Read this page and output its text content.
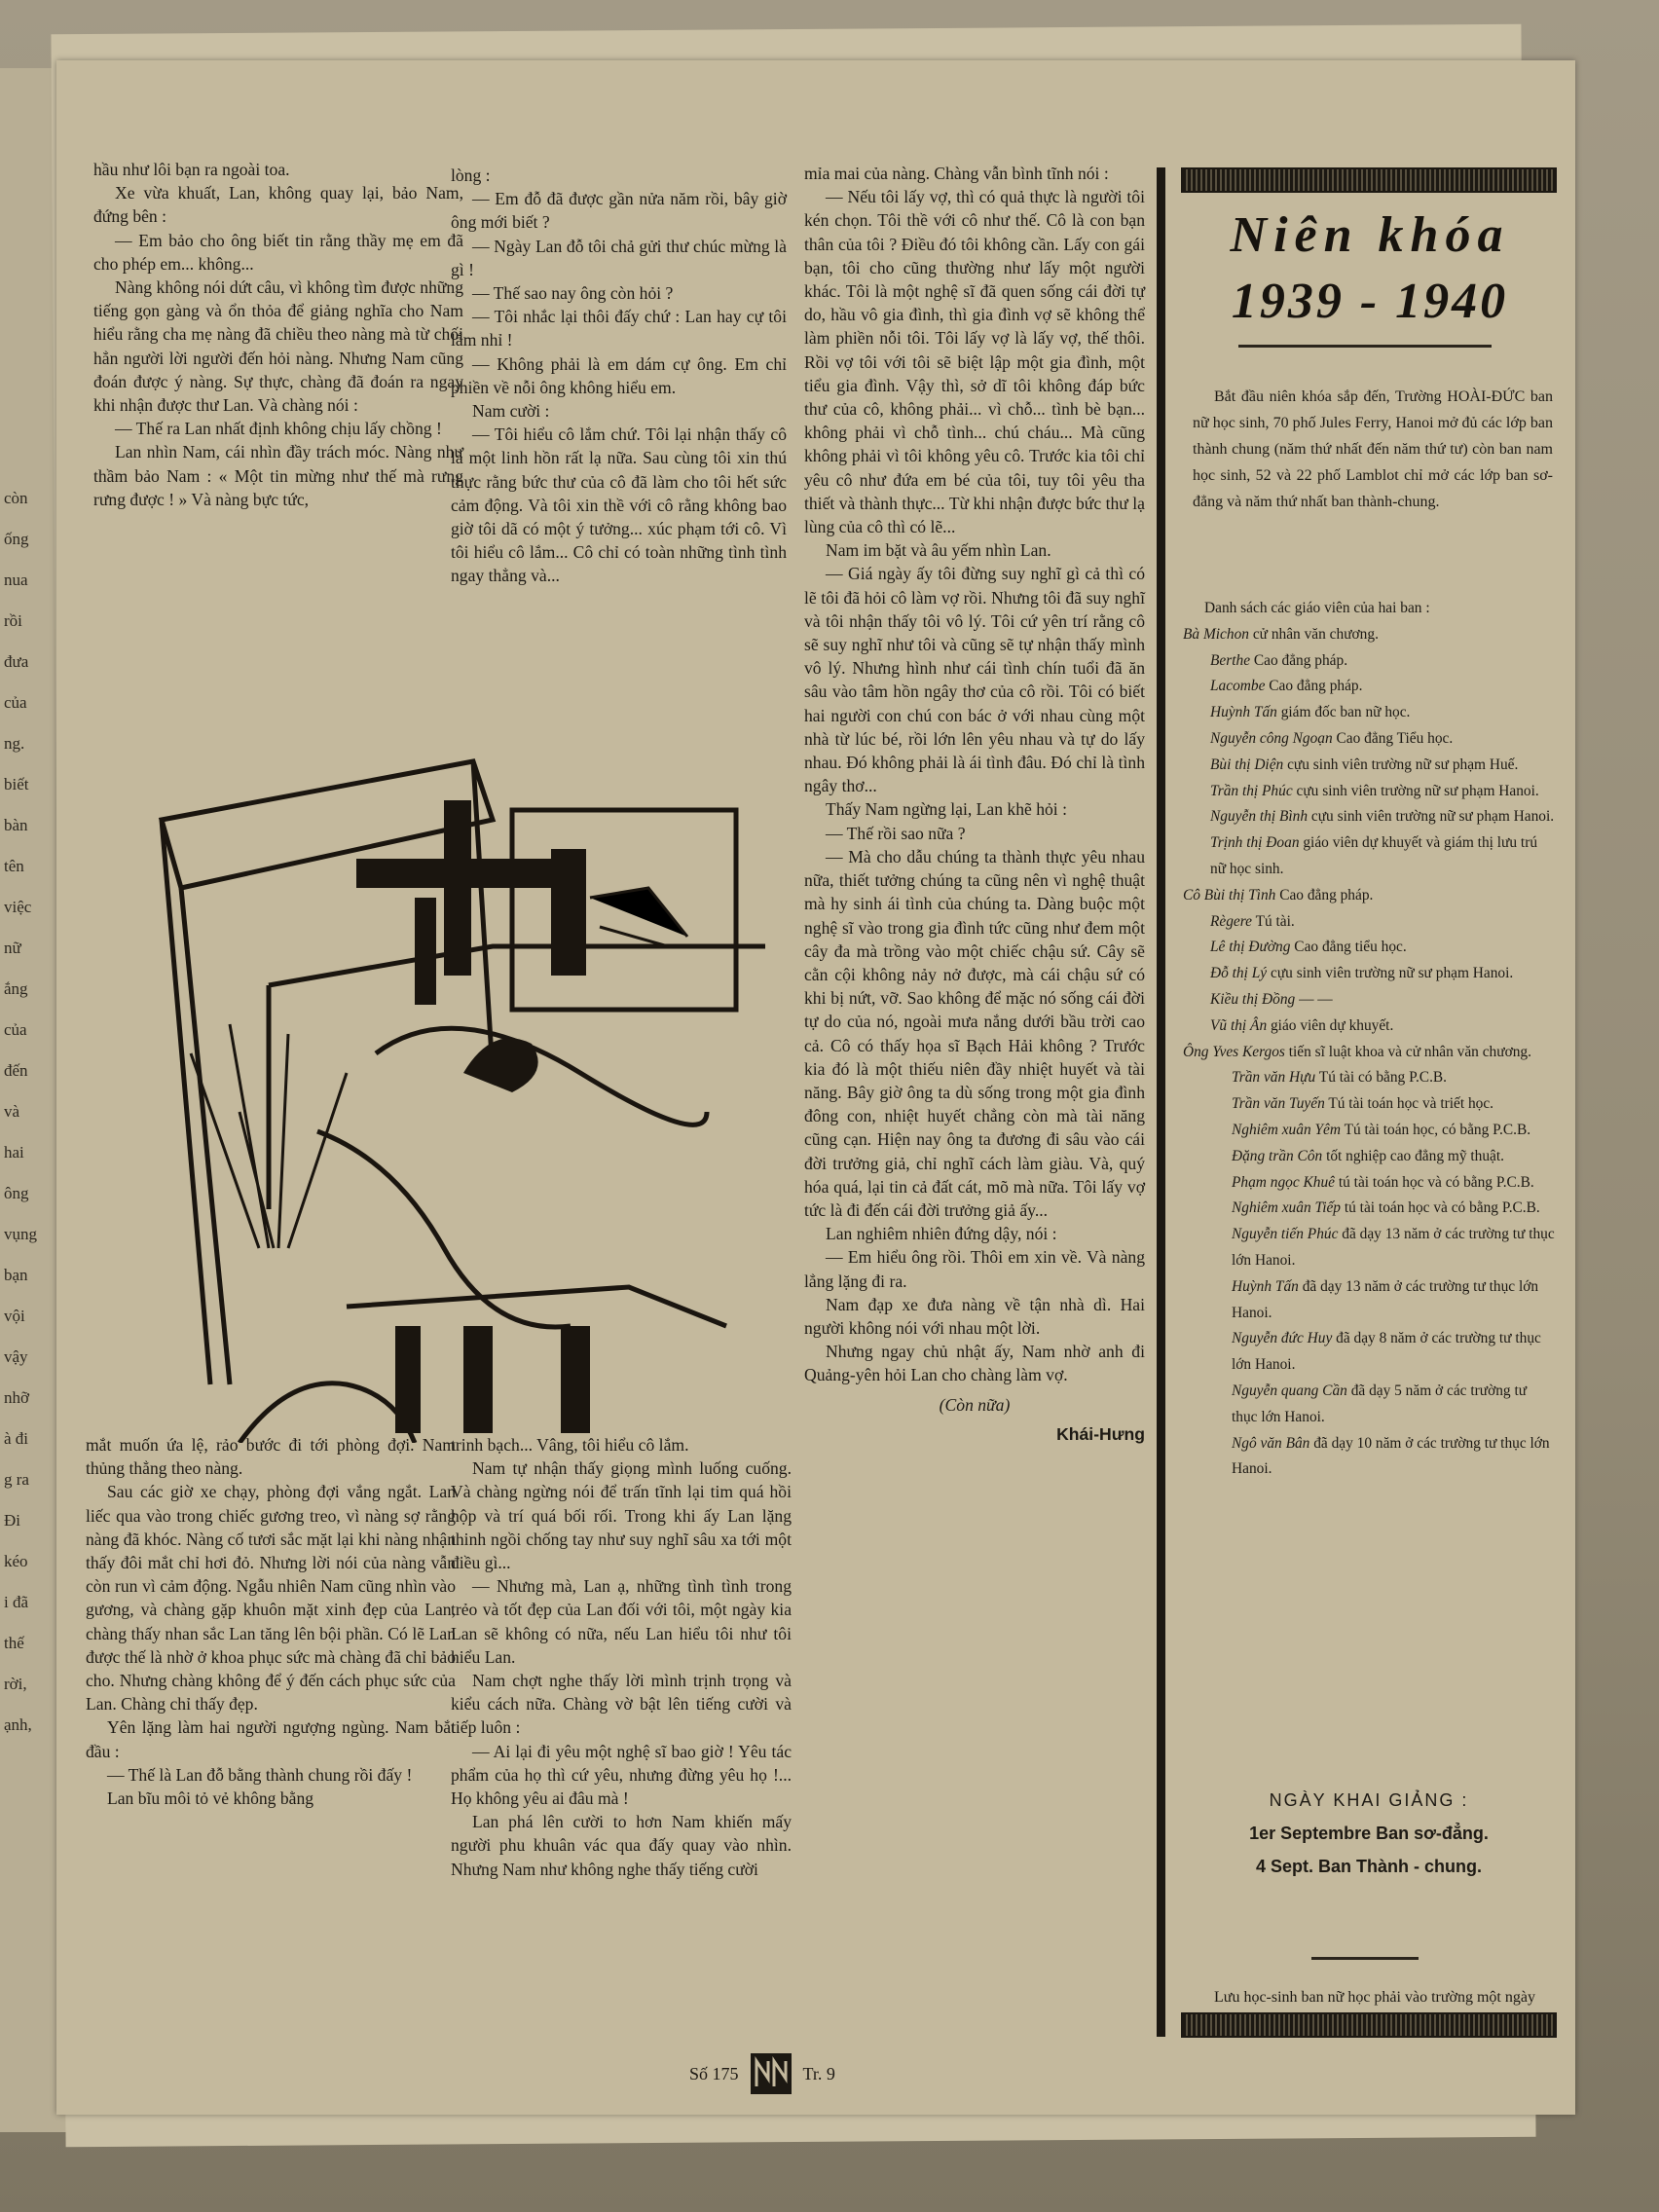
còn
ống
nua
rồi
đưa
của
ng.
biết
bàn
tên
việc
nữ
ắng
của
đến
và
hai
ông
vụng
bạn
vội
vậy
nhỡ
à đi
g ra
Đi
kéo
i đã
thế
rời,
ạnh,

hầu như lôi bạn ra ngoài toa.

Xe vừa khuất, Lan, không quay lại, bảo Nam, đứng bên :

— Em bảo cho ông biết tin rằng thầy mẹ em đã cho phép em... không...

Nàng không nói dứt câu, vì không tìm được những tiếng gọn gàng và ổn thỏa để giảng nghĩa cho Nam hiểu rằng cha mẹ nàng đã chiều theo nàng mà từ chối hẳn người lời người đến hỏi nàng. Nhưng Nam cũng đoán được ý nàng. Sự thực, chàng đã đoán ra ngay khi nhận được thư Lan. Và chàng nói :

— Thế ra Lan nhất định không chịu lấy chồng !

Lan nhìn Nam, cái nhìn đầy trách móc. Nàng như thầm bảo Nam : « Một tin mừng như thế mà rưng rưng được ! » Và nàng bực tức,

lòng :

— Em đỗ đã được gần nửa năm rồi, bây giờ ông mới biết ?

— Ngày Lan đỗ tôi chả gửi thư chúc mừng là gì !

— Thế sao nay ông còn hỏi ?

— Tôi nhắc lại thôi đấy chứ : Lan hay cự tôi lắm nhỉ !

— Không phải là em dám cự ông. Em chỉ phiền về nỗi ông không hiểu em.

Nam cười :

— Tôi hiểu cô lắm chứ. Tôi lại nhận thấy cô là một linh hồn rất lạ nữa. Sau cùng tôi xin thú thực rằng bức thư của cô đã làm cho tôi hết sức cảm động. Và tôi xin thề với cô rằng không bao giờ tôi dã có một ý tưởng... xúc phạm tới cô. Vì tôi hiểu cô lắm... Cô chỉ có toàn những tình tình ngay thẳng và...

mỉa mai của nàng. Chàng vẫn bình tĩnh nói :

— Nếu tôi lấy vợ, thì có quả thực là người tôi kén chọn. Tôi thề với cô như thế. Cô là con bạn thân của tôi ? Điều đó tôi không cần. Lấy con gái bạn, tôi cho cũng thường như lấy một người khác. Tôi là một nghệ sĩ đã quen sống cái đời tự do, hầu vô gia đình, thì gia đình vợ sẽ không thể làm phiền nỗi tôi. Tôi lấy vợ là lấy vợ, thế thôi. Rồi vợ tôi với tôi sẽ biệt lập một gia đình, một tiểu gia đình. Vậy thì, sở dĩ tôi không đáp bức thư của cô, không phải... vì chỗ... tình bè bạn... không phải vì chỗ tình... chú cháu... Mà cũng không phải vì tôi không yêu cô. Trước kia tôi chỉ yêu cô như đứa em bé của tôi, tuy tôi yêu tha thiết và thành thực... Từ khi nhận được bức thư lạ lùng của cô thì có lẽ...

Nam im bặt và âu yếm nhìn Lan.

— Giá ngày ấy tôi đừng suy nghĩ gì cả thì có lẽ tôi đã hỏi cô làm vợ rồi. Nhưng tôi đã suy nghĩ và tôi nhận thấy tôi vô lý. Tôi cứ yên trí rằng cô sẽ suy nghĩ như tôi và cũng sẽ tự nhận thấy mình vô lý. Nhưng hình như cái tình chín tuổi đã ăn sâu vào tâm hồn ngây thơ của cô rồi. Tôi có biết hai người con chú con bác ở với nhau cùng một nhà từ lúc bé, rồi lớn lên yêu nhau và tự do lấy nhau. Đó không phải là ái tình đâu. Đó chỉ là tình ngây thơ...

Thấy Nam ngừng lại, Lan khẽ hỏi :

— Thế rồi sao nữa ?

— Mà cho dẫu chúng ta thành thực yêu nhau nữa, thiết tưởng chúng ta cũng nên vì nghệ thuật mà hy sinh ái tình của chúng ta. Dàng buộc một nghệ sĩ vào trong gia đình tức cũng như đem một cây đa mà trồng vào một chiếc chậu sứ. Cây sẽ cằn cội không nảy nở được, mà cái chậu sứ có khi bị nứt, vỡ. Sao không để mặc nó sống cái đời tự do của nó, ngoài mưa nắng dưới bầu trời cao cả. Cô có thấy họa sĩ Bạch Hải không ? Trước kia đó là một thiếu niên đầy nhiệt huyết và tài năng. Bây giờ ông ta dù sống trong một gia đình đông con, nhiệt huyết chẳng còn mà tài năng cũng cạn. Hiện nay ông ta đương đi sâu vào cái đời trưởng giả, chỉ nghĩ cách làm giàu. Và, quý hóa quá, lại tin cả đất cát, mõ mà nữa. Tôi lấy vợ tức là đi đến cái đời trưởng giả ấy...

Lan nghiêm nhiên đứng dậy, nói :

— Em hiểu ông rồi. Thôi em xin về. Và nàng lẳng lặng đi ra.

Nam đạp xe đưa nàng về tận nhà dì. Hai người không nói với nhau một lời.

Nhưng ngay chủ nhật ấy, Nam nhờ anh đi Quảng-yên hỏi Lan cho chàng làm vợ.

(Còn nữa)
Khái-Hưng

mắt muốn ứa lệ, rảo bước đi tới phòng đợi. Nam thủng thẳng theo nàng.

Sau các giờ xe chạy, phòng đợi vắng ngắt. Lan liếc qua vào trong chiếc gương treo, vì nàng sợ rằng nàng đã khóc. Nàng cố tươi sắc mặt lại khi nàng nhận thấy đôi mắt chỉ hơi đỏ. Nhưng lời nói của nàng vẫn còn run vì cảm động. Ngẫu nhiên Nam cũng nhìn vào gương, và chàng gặp khuôn mặt xinh đẹp của Lan, chàng thấy nhan sắc Lan tăng lên bội phần. Có lẽ Lan được thế là nhờ ở khoa phục sức mà chàng đã chỉ bảo cho. Nhưng chàng không để ý đến cách phục sức của Lan. Chàng chỉ thấy đẹp.

Yên lặng làm hai người ngượng ngùng. Nam bắt đầu :

— Thế là Lan đỗ bằng thành chung rồi đấy !

Lan bĩu môi tỏ vẻ không bằng

trinh bạch... Vâng, tôi hiểu cô lắm.

Nam tự nhận thấy giọng mình luống cuống. Và chàng ngừng nói để trấn tĩnh lại tim quá hồi hộp và trí quá bối rối. Trong khi ấy Lan lặng thinh ngồi chống tay như suy nghĩ sâu xa tới một điều gì...

— Nhưng mà, Lan ạ, những tình tình trong trẻo và tốt đẹp của Lan đối với tôi, một ngày kia Lan sẽ không có nữa, nếu Lan hiểu tôi như tôi hiểu Lan.

Nam chợt nghe thấy lời mình trịnh trọng và kiểu cách nữa. Chàng vờ bật lên tiếng cười và tiếp luôn :

— Ai lại đi yêu một nghệ sĩ bao giờ ! Yêu tác phẩm của họ thì cứ yêu, nhưng đừng yêu họ !... Họ không yêu ai đâu mà !

Lan phá lên cười to hơn Nam khiến mấy người phu khuân vác qua đấy quay vào nhìn. Nhưng Nam như không nghe thấy tiếng cười

Niên khóa
1939 - 1940
Bắt đầu niên khóa sắp đến, Trường HOÀI-ĐỨC ban nữ học sinh, 70 phố Jules Ferry, Hanoi mở đủ các lớp ban thành chung (năm thứ nhất đến năm thứ tư) còn ban nam học sinh, 52 và 22 phố Lamblot chỉ mở các lớp ban sơ-đẳng và năm thứ nhất ban thành-chung.
Danh sách các giáo viên của hai ban :
Bà Michon cử nhân văn chương.
Berthe Cao đẳng pháp.
Lacombe Cao đẳng pháp.
Huỳnh Tấn giám đốc ban nữ học.
Nguyễn công Ngoạn Cao đẳng Tiểu học.
Bùi thị Diện cựu sinh viên trường nữ sư phạm Huế.
Trần thị Phúc cựu sinh viên trường nữ sư phạm Hanoi.
Nguyễn thị Bình cựu sinh viên trường nữ sư phạm Hanoi.
Trịnh thị Đoan giáo viên dự khuyết và giám thị lưu trú nữ học sinh.
Cô Bùi thị Tình Cao đẳng pháp.
Règere Tú tài.
Lê thị Đường Cao đẳng tiểu học.
Đỗ thị Lý cựu sinh viên trường nữ sư phạm Hanoi.
Kiều thị Đồng — —
Vũ thị Ân giáo viên dự khuyết.
Ông Yves Kergos tiến sĩ luật khoa và cử nhân văn chương.
Trần văn Hựu Tú tài có bằng P.C.B.
Trần văn Tuyến Tú tài toán học và triết học.
Nghiêm xuân Yêm Tú tài toán học, có bằng P.C.B.
Đặng trần Côn tốt nghiệp cao đẳng mỹ thuật.
Phạm ngọc Khuê tú tài toán học và có bằng P.C.B.
Nghiêm xuân Tiếp tú tài toán học và có bằng P.C.B.
Nguyễn tiến Phúc đã dạy 13 năm ở các trường tư thục lớn Hanoi.
Huỳnh Tấn đã dạy 13 năm ở các trường tư thục lớn Hanoi.
Nguyễn đức Huy đã dạy 8 năm ở các trường tư thục lớn Hanoi.
Nguyễn quang Cần đã dạy 5 năm ở các trường tư thục lớn Hanoi.
Ngô văn Bân đã dạy 10 năm ở các trường tư thục lớn Hanoi.
NGÀY KHAI GIẢNG :
1er Septembre Ban sơ-đẳng.
4 Sept. Ban Thành - chung.
Lưu học-sinh ban nữ học phải vào trường một ngày
Số 175	Tr. 9
